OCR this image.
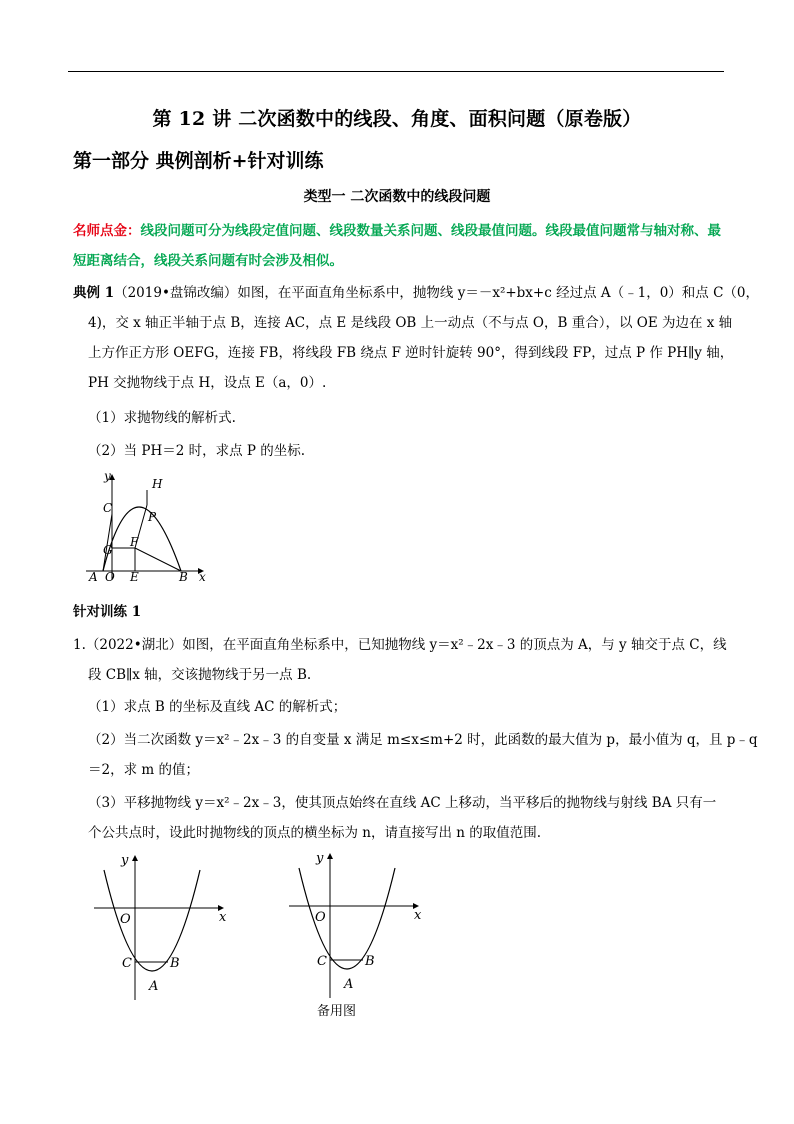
第 12 讲 二次函数中的线段、角度、面积问题（原卷版）
第一部分 典例剖析+针对训练
类型一 二次函数中的线段问题
名师点金：线段问题可分为线段定值问题、线段数量关系问题、线段最值问题。线段最值问题常与轴对称、最短距离结合，线段关系问题有时会涉及相似。
典例 1（2019•盘锦改编）如图，在平面直角坐标系中，抛物线 y＝－x²+bx+c 经过点 A（﹣1，0）和点 C（0，
4)，交 x 轴正半轴于点 B，连接 AC，点 E 是线段 OB 上一动点（不与点 O，B 重合），以 OE 为边在 x 轴
上方作正方形 OEFG，连接 FB，将线段 FB 绕点 F 逆时针旋转 90°，得到线段 FP，过点 P 作 PH∥y 轴，
PH 交抛物线于点 H，设点 E（a，0）.
（1）求抛物线的解析式.
（2）当 PH＝2 时，求点 P 的坐标.
y
C
H
P
F
G
A O E	B x
针对训练 1
1.（2022•湖北）如图，在平面直角坐标系中，已知抛物线 y＝x²﹣2x﹣3 的顶点为 A，与 y 轴交于点 C，线
段 CB∥x 轴，交该抛物线于另一点 B.
（1）求点 B 的坐标及直线 AC 的解析式；
（2）当二次函数 y＝x²﹣2x﹣3 的自变量 x 满足 m≤x≤m+2 时，此函数的最大值为 p，最小值为 q，且 p﹣q
＝2，求 m 的值；
（3）平移抛物线 y＝x²﹣2x﹣3，使其顶点始终在直线 AC 上移动，当平移后的抛物线与射线 BA 只有一
个公共点时，设此时抛物线的顶点的横坐标为 n，请直接写出 n 的取值范围.
y
O	x
C	B
A
y
O	x
C	B
A
备用图
